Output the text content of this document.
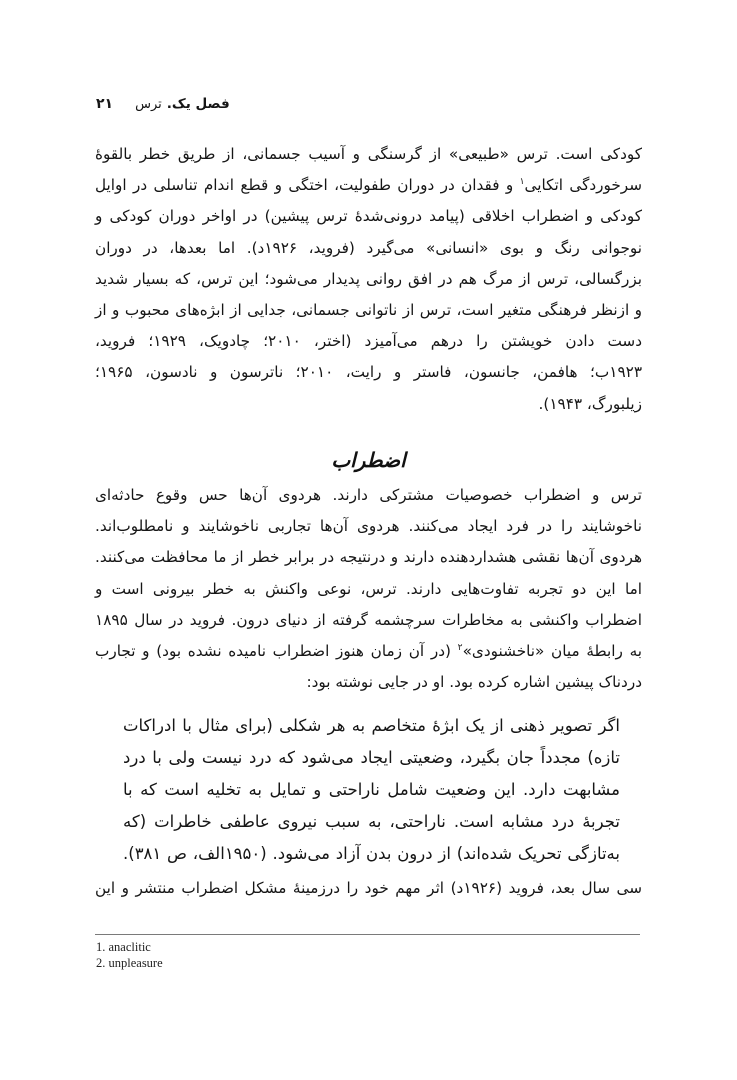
فصل یک.
ترس
۲۱
کودکی است. ترس «طبیعی» از گرسنگی و آسیب جسمانی، از طریق خطر بالقوهٔ
سرخوردگی اتکایی$^۱$ و فقدان در دوران طفولیت، اختگی و قطع اندام تناسلی در اوایل
کودکی و اضطراب اخلاقی (پیامد درونی‌شدهٔ ترس پیشین) در اواخر دوران کودکی و
نوجوانی رنگ و بوی «انسانی» می‌گیرد (فروید، ۱۹۲۶د). اما بعدها، در دوران
بزرگسالی، ترس از مرگ هم در افق روانی پدیدار می‌شود؛ این ترس، که بسیار شدید
و ازنظر فرهنگی متغیر است، ترس از ناتوانی جسمانی، جدایی از ابژه‌های محبوب و از
دست دادن خویشتن را درهم می‌آمیزد (اختر، ۲۰۱۰؛ چادویک، ۱۹۲۹؛ فروید،
۱۹۲۳ب؛ هافمن، جانسون، فاستر و رایت، ۲۰۱۰؛ ناترسون و نادسون، ۱۹۶۵؛
زیلبورگ، ۱۹۴۳).
اضطراب
ترس و اضطراب خصوصیات مشترکی دارند. هردوی آن‌ها حس وقوع حادثه‌ای
ناخوشایند را در فرد ایجاد می‌کنند. هردوی آن‌ها تجاربی ناخوشایند و نامطلوب‌اند.
هردوی آن‌ها نقشی هشداردهنده دارند و درنتیجه در برابر خطر از ما محافظت می‌کنند.
اما این دو تجربه تفاوت‌هایی دارند. ترس، نوعی واکنش به خطر بیرونی است و
اضطراب واکنشی به مخاطرات سرچشمه گرفته از دنیای درون. فروید در سال ۱۸۹۵
به رابطهٔ میان «ناخشنودی»$^۲$ (در آن زمان هنوز اضطراب نامیده نشده بود) و تجارب
دردناک پیشین اشاره کرده بود. او در جایی نوشته بود:
اگر تصویر ذهنی از یک ابژهٔ متخاصم به هر شکلی (برای مثال با ادراکات
تازه) مجدداً جان بگیرد، وضعیتی ایجاد می‌شود که درد نیست ولی با درد
مشابهت دارد. این وضعیت شامل ناراحتی و تمایل به تخلیه است که با
تجربهٔ درد مشابه است. ناراحتی، به سبب نیروی عاطفی خاطرات (که
به‌تازگی تحریک شده‌اند) از درون بدن آزاد می‌شود. (۱۹۵۰الف، ص ۳۸۱).
سی سال بعد، فروید (۱۹۲۶د) اثر مهم خود را درزمینهٔ مشکل اضطراب منتشر و این
1. anaclitic
2. unpleasure
